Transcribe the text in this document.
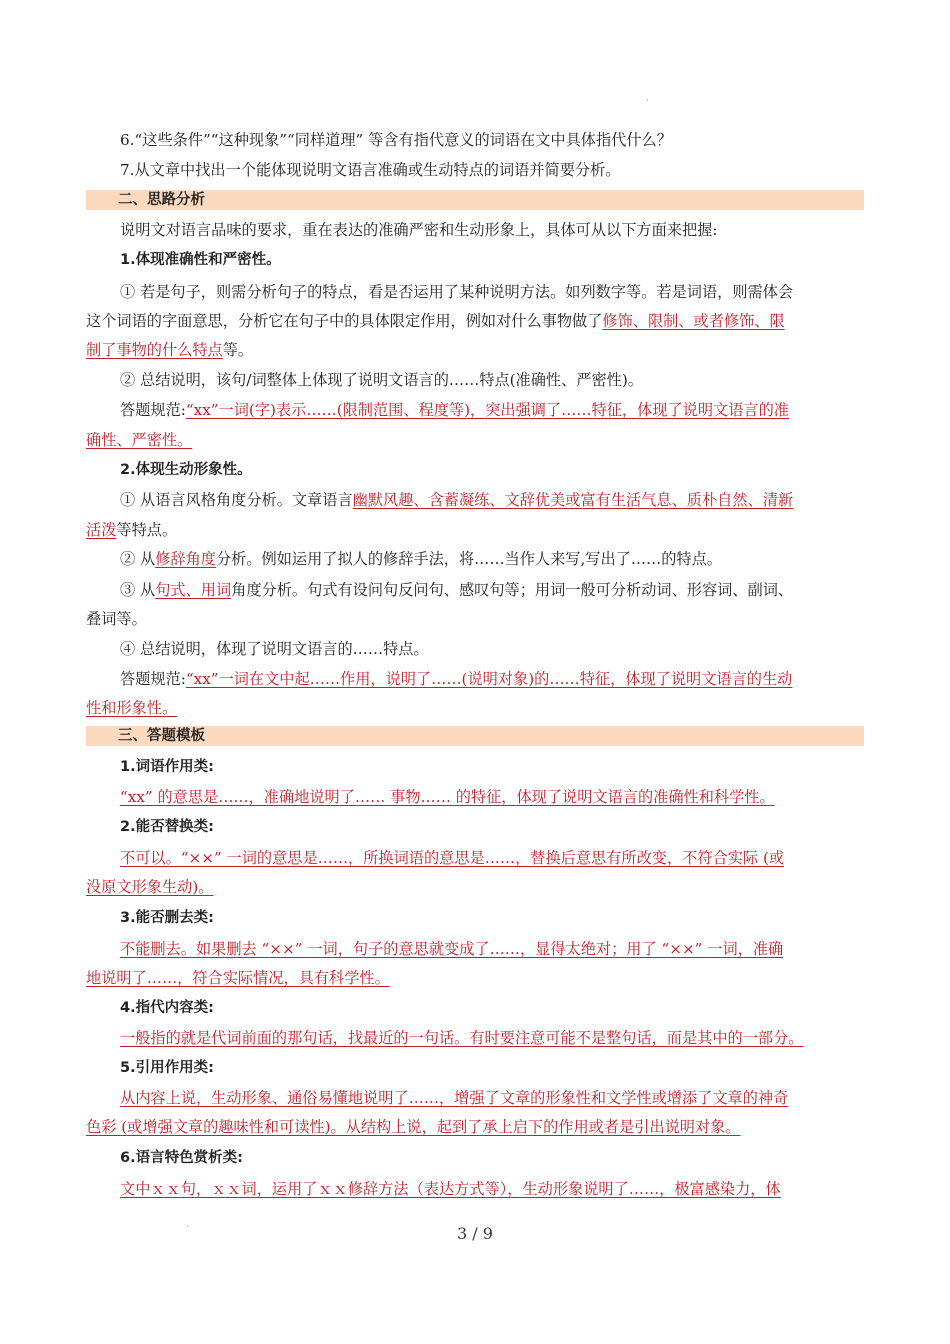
·
·
6.“这些条件”“这种现象”“同样道理” 等含有指代意义的词语在文中具体指代什么？
7.从文章中找出一个能体现说明文语言准确或生动特点的词语并简要分析。
二、思路分析
说明文对语言品味的要求，重在表达的准确严密和生动形象上，具体可从以下方面来把握:
1.体现准确性和严密性。
① 若是句子，则需分析句子的特点，看是否运用了某种说明方法。如列数字等。若是词语，则需体会
这个词语的字面意思，分析它在句子中的具体限定作用，例如对什么事物做了修饰、限制、或者修饰、限
制了事物的什么特点等。
② 总结说明，该句/词整体上体现了说明文语言的……特点(准确性、严密性)。
答题规范:“xx”一词(字)表示……(限制范围、程度等)，突出强调了……特征，体现了说明文语言的准
确性、严密性。
2.体现生动形象性。
① 从语言风格角度分析。文章语言幽默风趣、含蓄凝练、文辞优美或富有生活气息、质朴自然、清新
活泼等特点。
② 从修辞角度分析。例如运用了拟人的修辞手法，将……当作人来写,写出了……的特点。
③ 从句式、用词角度分析。句式有设问句反问句、感叹句等；用词一般可分析动词、形容词、副词、
叠词等。
④ 总结说明，体现了说明文语言的……特点。
答题规范:“xx”一词在文中起……作用，说明了……(说明对象)的……特征，体现了说明文语言的生动
性和形象性。
三、答题模板
1.词语作用类:
“xx” 的意思是……，准确地说明了…… 事物…… 的特征，体现了说明文语言的准确性和科学性。
2.能否替换类:
不可以。“××” 一词的意思是……，所换词语的意思是……，替换后意思有所改变，不符合实际 (或
没原文形象生动)。
3.能否删去类:
不能删去。如果删去 “××” 一词，句子的意思就变成了……，显得太绝对；用了 “××” 一词，准确
地说明了……，符合实际情况，具有科学性。
4.指代内容类:
一般指的就是代词前面的那句话，找最近的一句话。有时要注意可能不是整句话，而是其中的一部分。
5.引用作用类:
从内容上说，生动形象、通俗易懂地说明了……，增强了文章的形象性和文学性或增添了文章的神奇
色彩 (或增强文章的趣味性和可读性)。从结构上说，起到了承上启下的作用或者是引出说明对象。
6.语言特色赏析类:
文中ｘｘ句，ｘｘ词，运用了ｘｘ修辞方法（表达方式等），生动形象说明了……，极富感染力，体
3 / 9
